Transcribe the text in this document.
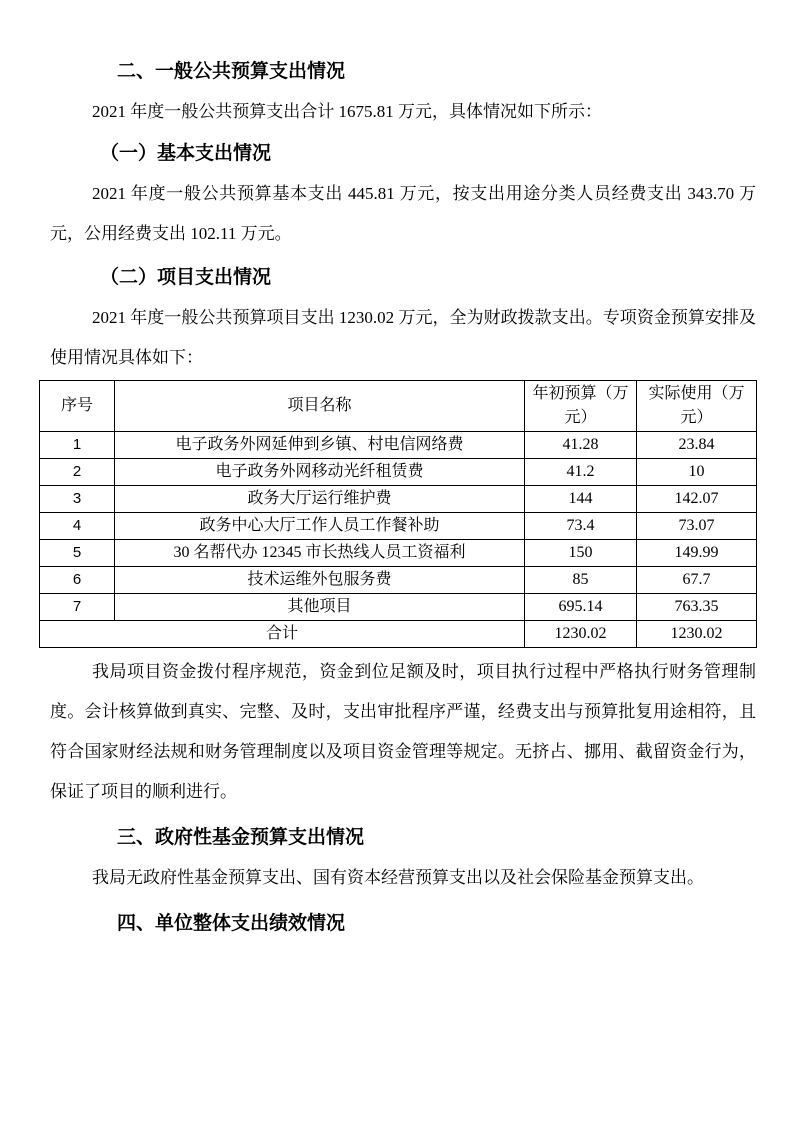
二、一般公共预算支出情况

2021 年度一般公共预算支出合计 1675.81 万元，具体情况如下所示：

（一）基本支出情况

2021 年度一般公共预算基本支出 445.81 万元，按支出用途分类人员经费支出 343.70 万元，公用经费支出 102.11 万元。

（二）项目支出情况

2021 年度一般公共预算项目支出 1230.02 万元，全为财政拨款支出。专项资金预算安排及使用情况具体如下：

序号	项目名称	年初预算（万元）	实际使用（万元）
1	电子政务外网延伸到乡镇、村电信网络费	41.28	23.84
2	电子政务外网移动光纤租赁费	41.2	10
3	政务大厅运行维护费	144	142.07
4	政务中心大厅工作人员工作餐补助	73.4	73.07
5	30 名帮代办 12345 市长热线人员工资福利	150	149.99
6	技术运维外包服务费	85	67.7
7	其他项目	695.14	763.35
合计		1230.02	1230.02

我局项目资金拨付程序规范，资金到位足额及时，项目执行过程中严格执行财务管理制度。会计核算做到真实、完整、及时，支出审批程序严谨，经费支出与预算批复用途相符，且符合国家财经法规和财务管理制度以及项目资金管理等规定。无挤占、挪用、截留资金行为，保证了项目的顺利进行。

三、政府性基金预算支出情况

我局无政府性基金预算支出、国有资本经营预算支出以及社会保险基金预算支出。

四、单位整体支出绩效情况
